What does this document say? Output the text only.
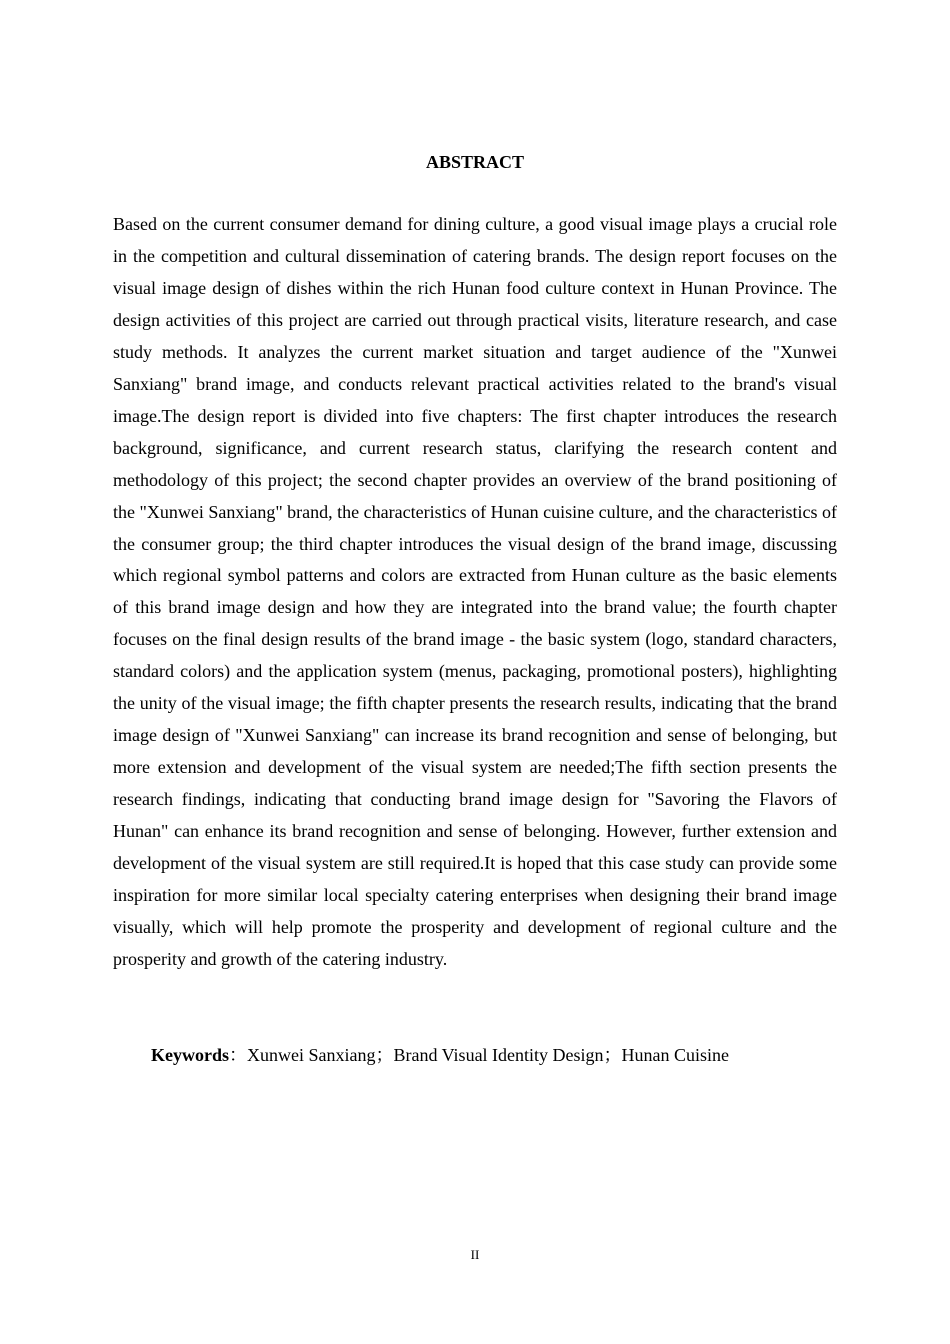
ABSTRACT

Based on the current consumer demand for dining culture, a good visual image plays a crucial role in the competition and cultural dissemination of catering brands. The design report focuses on the visual image design of dishes within the rich Hunan food culture context in Hunan Province. The design activities of this project are carried out through practical visits, literature research, and case study methods. It analyzes the current market situation and target audience of the "Xunwei Sanxiang" brand image, and conducts relevant practical activities related to the brand's visual image.The design report is divided into five chapters: The first chapter introduces the research background, significance, and current research status, clarifying the research content and methodology of this project; the second chapter provides an overview of the brand positioning of the "Xunwei Sanxiang" brand, the characteristics of Hunan cuisine culture, and the characteristics of the consumer group; the third chapter introduces the visual design of the brand image, discussing which regional symbol patterns and colors are extracted from Hunan culture as the basic elements of this brand image design and how they are integrated into the brand value; the fourth chapter focuses on the final design results of the brand image - the basic system (logo, standard characters, standard colors) and the application system (menus, packaging, promotional posters), highlighting the unity of the visual image; the fifth chapter presents the research results, indicating that the brand image design of "Xunwei Sanxiang" can increase its brand recognition and sense of belonging, but more extension and development of the visual system are needed;The fifth section presents the research findings, indicating that conducting brand image design for "Savoring the Flavors of Hunan" can enhance its brand recognition and sense of belonging. However, further extension and development of the visual system are still required.It is hoped that this case study can provide some inspiration for more similar local specialty catering enterprises when designing their brand image visually, which will help promote the prosperity and development of regional culture and the prosperity and growth of the catering industry.

Keywords：Xunwei Sanxiang；Brand Visual Identity Design；Hunan Cuisine

II
